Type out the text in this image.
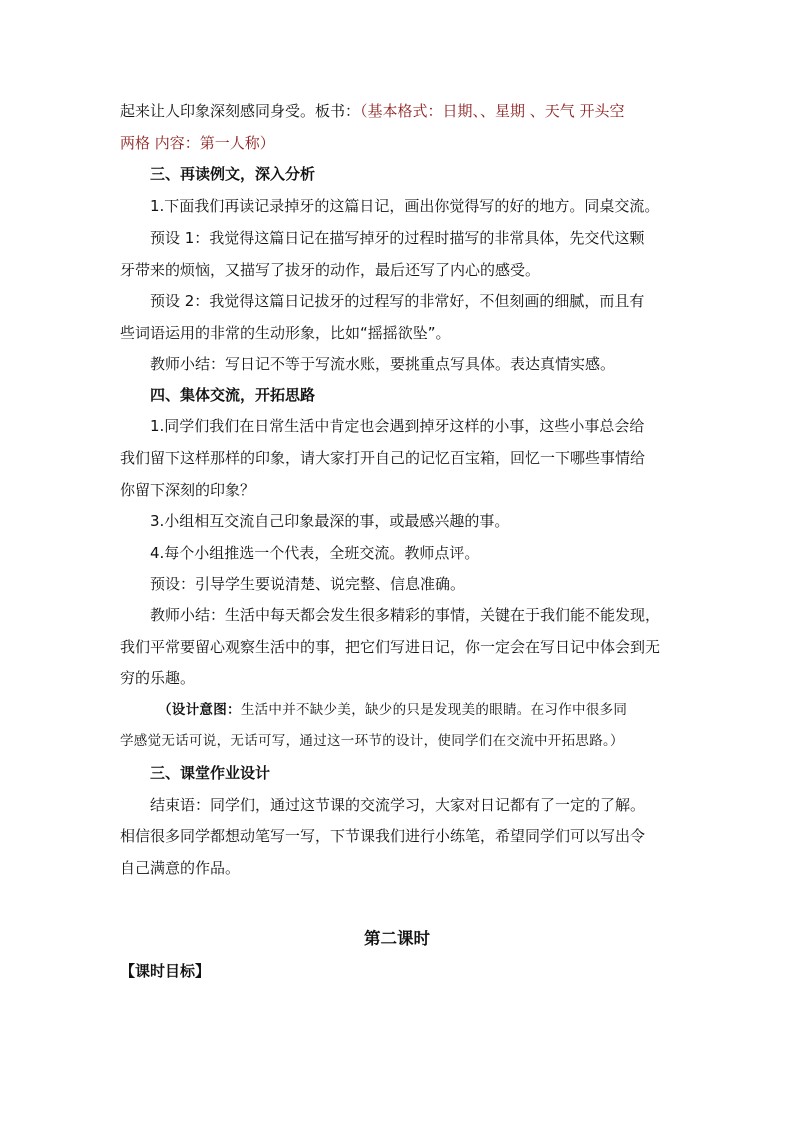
起来让人印象深刻感同身受。板书：（基本格式：日期、、星期 、天气 开头空
两格 内容：第一人称）
三、再读例文，深入分析
1.下面我们再读记录掉牙的这篇日记，画出你觉得写的好的地方。同桌交流。
预设 1：我觉得这篇日记在描写掉牙的过程时描写的非常具体，先交代这颗
牙带来的烦恼，又描写了拔牙的动作，最后还写了内心的感受。
预设 2：我觉得这篇日记拔牙的过程写的非常好，不但刻画的细腻，而且有
些词语运用的非常的生动形象，比如“摇摇欲坠”。
教师小结：写日记不等于写流水账，要挑重点写具体。表达真情实感。
四、集体交流，开拓思路
1.同学们我们在日常生活中肯定也会遇到掉牙这样的小事，这些小事总会给
我们留下这样那样的印象，请大家打开自己的记忆百宝箱，回忆一下哪些事情给
你留下深刻的印象？
3.小组相互交流自己印象最深的事，或最感兴趣的事。
4.每个小组推选一个代表，全班交流。教师点评。
预设：引导学生要说清楚、说完整、信息准确。
教师小结：生活中每天都会发生很多精彩的事情，关键在于我们能不能发现，
我们平常要留心观察生活中的事，把它们写进日记，你一定会在写日记中体会到无
穷的乐趣。
（设计意图：生活中并不缺少美，缺少的只是发现美的眼睛。在习作中很多同
学感觉无话可说，无话可写，通过这一环节的设计，使同学们在交流中开拓思路。）
三、课堂作业设计
结束语：同学们，通过这节课的交流学习，大家对日记都有了一定的了解。
相信很多同学都想动笔写一写，下节课我们进行小练笔，希望同学们可以写出令
自己满意的作品。
第二课时
【课时目标】
